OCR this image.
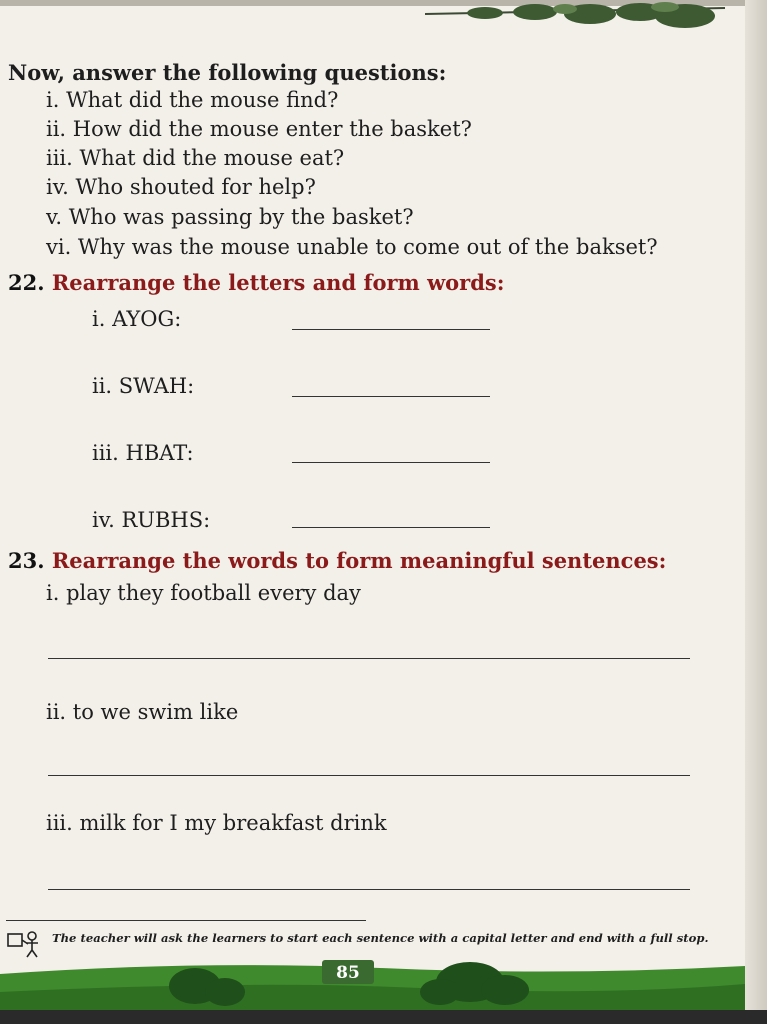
Now, answer the following questions:
i. What did the mouse find?
ii. How did the mouse enter the basket?
iii. What did the mouse eat?
iv. Who shouted for help?
v. Who was passing by the basket?
vi. Why was the mouse unable to come out of the bakset?
22. Rearrange the letters and form words:
i. AYOG:
ii. SWAH:
iii. HBAT:
iv. RUBHS:
23. Rearrange the words to form meaningful sentences:
i. play they football every day
ii. to we swim like
iii. milk for I my breakfast drink
The teacher will ask the learners to start each sentence with a capital letter and end with a full stop.
85
